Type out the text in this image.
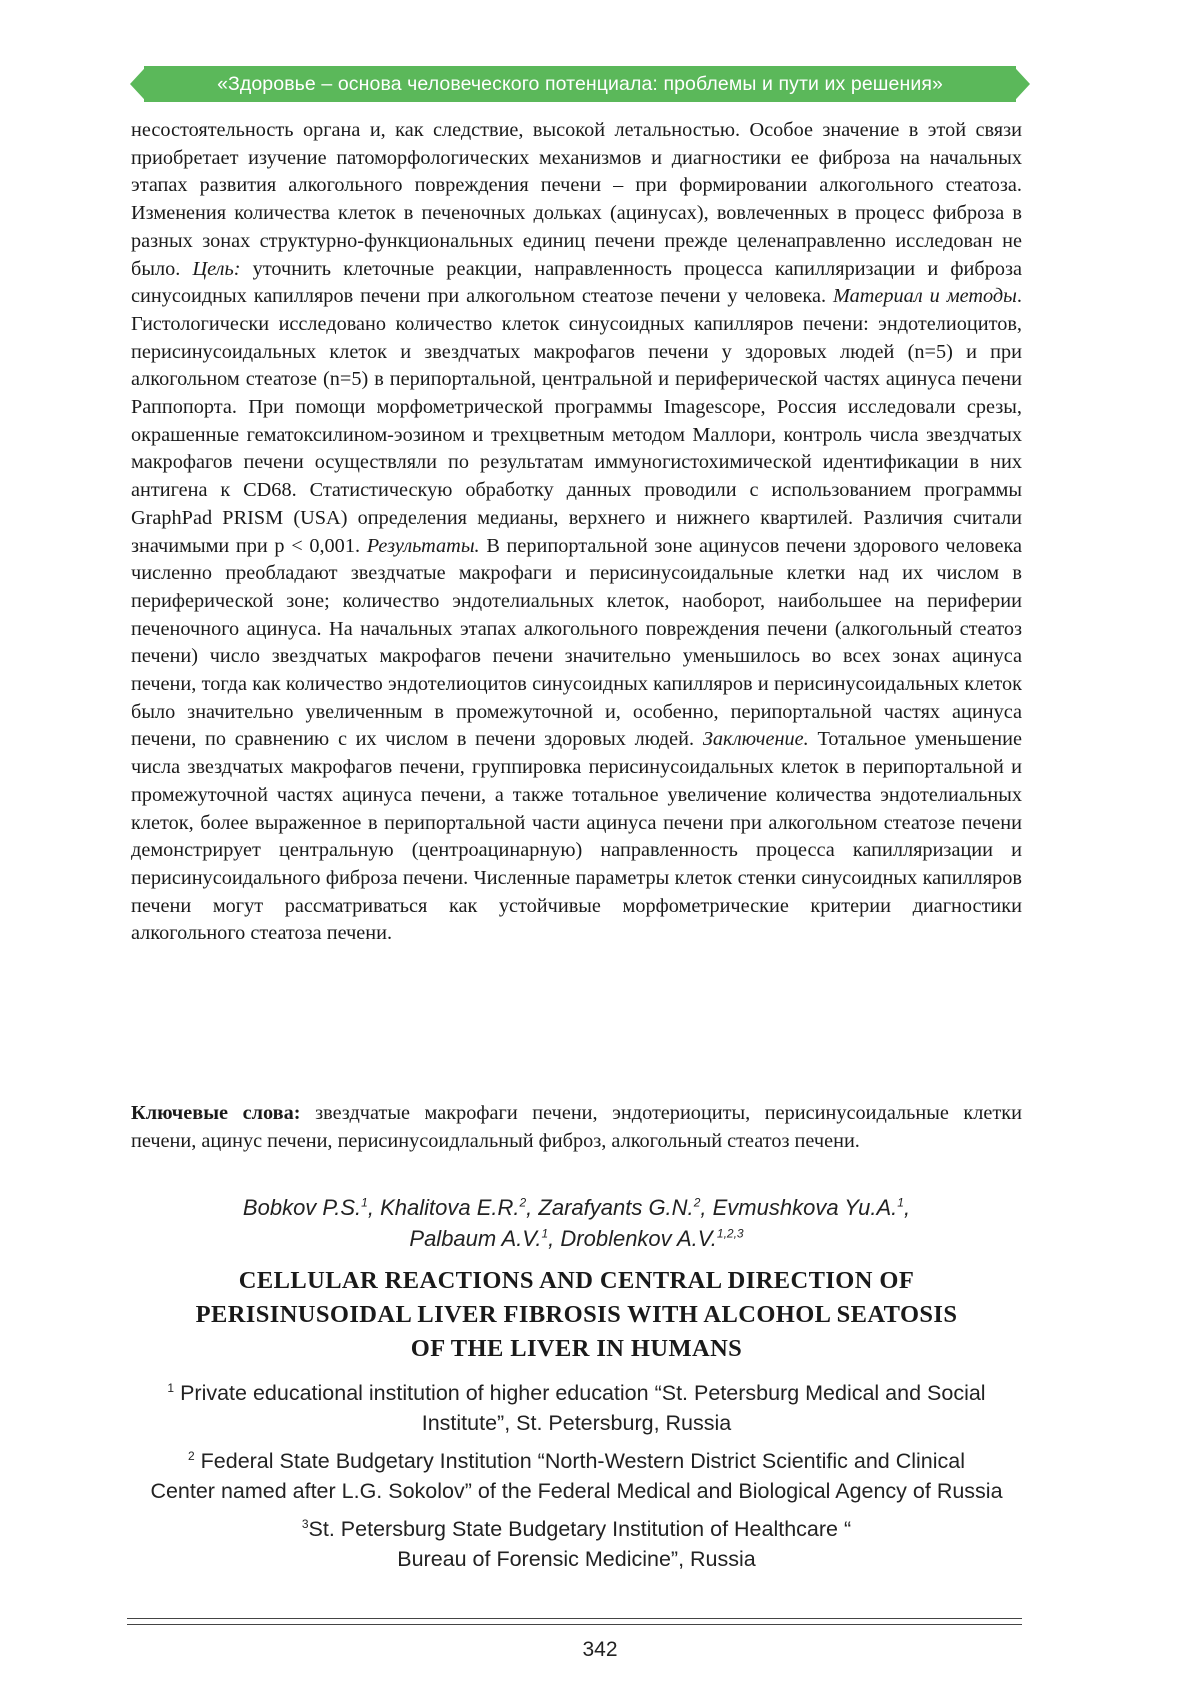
«Здоровье – основа человеческого потенциала: проблемы и пути их решения»

несостоятельность органа и, как следствие, высокой летальностью. Особое значение в этой связи приобретает изучение патоморфологических механизмов и диагностики ее фиброза на начальных этапах развития алкогольного повреждения печени – при формировании алкогольного стеатоза. Изменения количества клеток в печеночных дольках (ацинусах), вовлеченных в процесс фиброза в разных зонах структурно-функциональных единиц печени прежде целенаправленно исследован не было. Цель: уточнить клеточные реакции, направленность процесса капилляризации и фиброза синусоидных капилляров печени при алкогольном стеатозе печени у человека. Материал и методы. Гистологически исследовано количество клеток синусоидных капилляров печени: эндотелиоцитов, перисинусоидальных клеток и звездчатых макрофагов печени у здоровых людей (n=5) и при алкогольном стеатозе (n=5) в перипортальной, центральной и периферической частях ацинуса печени Раппопорта. При помощи морфометрической программы Imagescope, Россия исследовали срезы, окрашенные гематоксилином-эозином и трехцветным методом Маллори, контроль числа звездчатых макрофагов печени осуществляли по результатам иммуногистохимической идентификации в них антигена к CD68. Статистическую обработку данных проводили с использованием программы GraphPad PRISM (USA) определения медианы, верхнего и нижнего квартилей. Различия считали значимыми при р < 0,001. Результаты. В перипортальной зоне ацинусов печени здорового человека численно преобладают звездчатые макрофаги и перисинусоидальные клетки над их числом в периферической зоне; количество эндотелиальных клеток, наоборот, наибольшее на периферии печеночного ацинуса. На начальных этапах алкогольного повреждения печени (алкогольный стеатоз печени) число звездчатых макрофагов печени значительно уменьшилось во всех зонах ацинуса печени, тогда как количество эндотелиоцитов синусоидных капилляров и перисинусоидальных клеток было значительно увеличенным в промежуточной и, особенно, перипортальной частях ацинуса печени, по сравнению с их числом в печени здоровых людей. Заключение. Тотальное уменьшение числа звездчатых макрофагов печени, группировка перисинусоидальных клеток в перипортальной и промежуточной частях ацинуса печени, а также тотальное увеличение количества эндотелиальных клеток, более выраженное в перипортальной части ацинуса печени при алкогольном стеатозе печени демонстрирует центральную (центроацинарную) направленность процесса капилляризации и перисинусоидального фиброза печени. Численные параметры клеток стенки синусоидных капилляров печени могут рассматриваться как устойчивые морфометрические критерии диагностики алкогольного стеатоза печени.

Ключевые слова: звездчатые макрофаги печени, эндотериоциты, перисинусоидальные клетки печени, ацинус печени, перисинусоидлальный фиброз, алкогольный стеатоз печени.
Bobkov P.S.$^1$, Khalitova E.R.$^2$, Zarafyants G.N.$^2$, Evmushkova Yu.A.$^1$,
Palbaum A.V.$^1$, Droblenkov A.V.$^{1,2,3}$
CELLULAR REACTIONS AND CENTRAL DIRECTION OF
PERISINUSOIDAL LIVER FIBROSIS WITH ALCOHOL SEATOSIS
OF THE LIVER IN HUMANS
$^1$ Private educational institution of higher education “St. Petersburg Medical and Social
Institute”, St. Petersburg, Russia
$^2$ Federal State Budgetary Institution “North-Western District Scientific and Clinical
Center named after L.G. Sokolov” of the Federal Medical and Biological Agency of Russia
$^3$St. Petersburg State Budgetary Institution of Healthcare “
Bureau of Forensic Medicine”, Russia
342
